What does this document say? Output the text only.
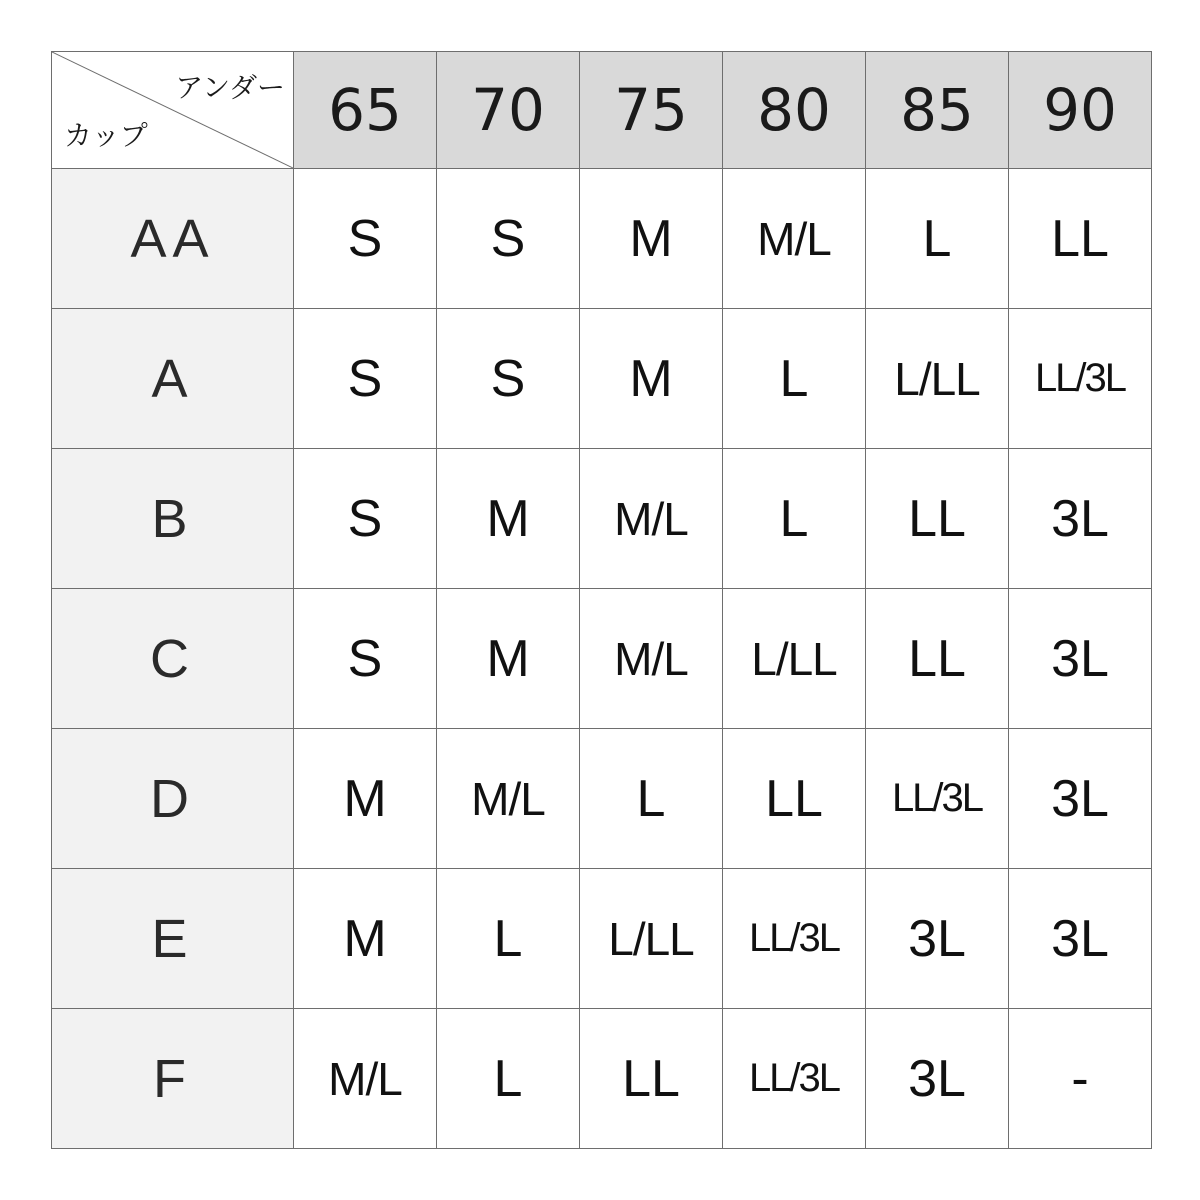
アンダー
カップ	65	70	75	80	85	90
AA	S	S	M	M/L	L	LL
A	S	S	M	L	L/LL	LL/3L
B	S	M	M/L	L	LL	3L
C	S	M	M/L	L/LL	LL	3L
D	M	M/L	L	LL	LL/3L	3L
E	M	L	L/LL	LL/3L	3L	3L
F	M/L	L	LL	LL/3L	3L	-
